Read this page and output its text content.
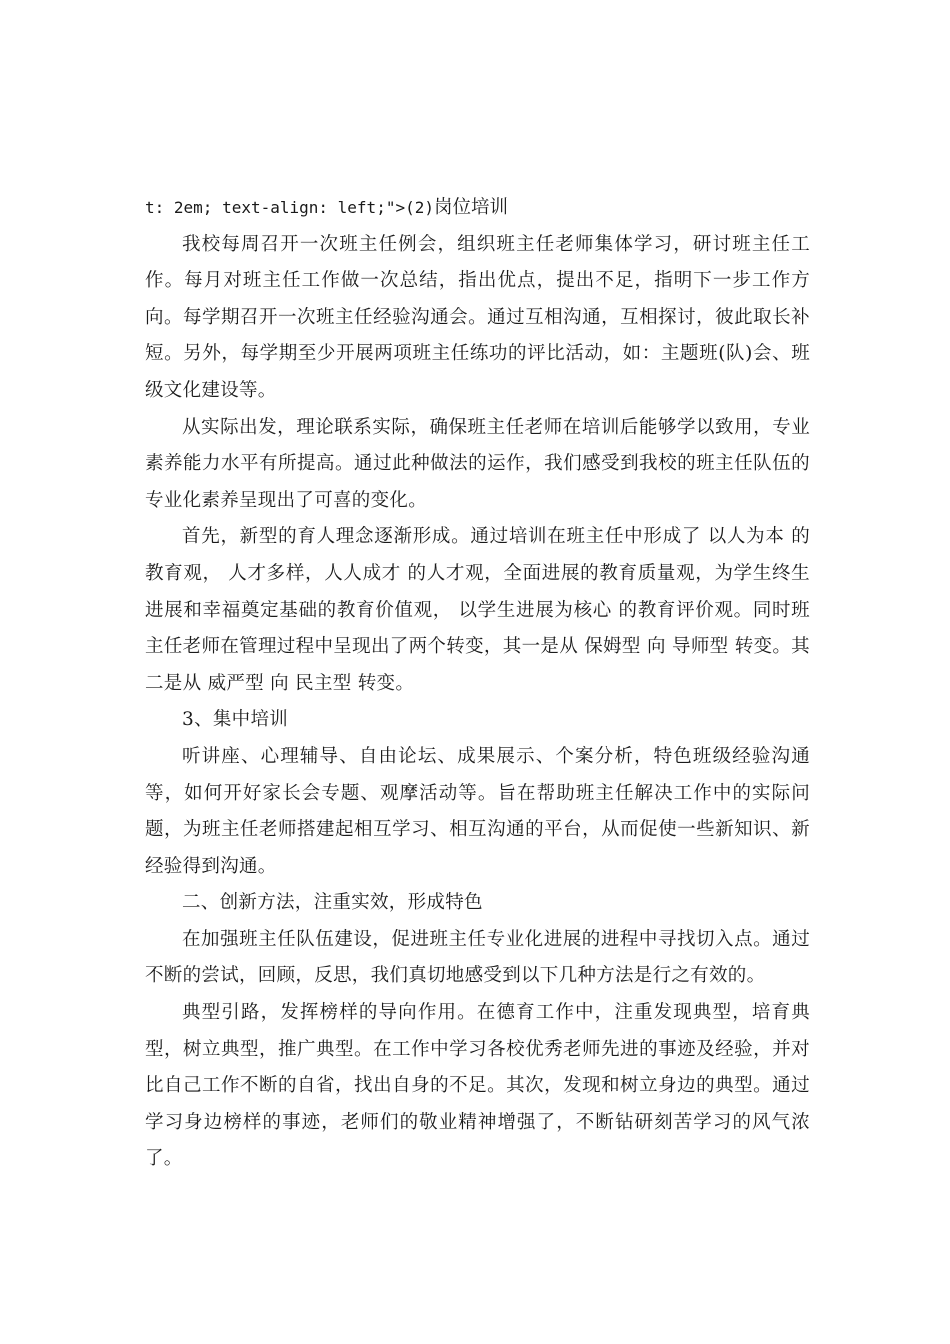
t: 2em; text-align: left;">(2)岗位培训

我校每周召开一次班主任例会，组织班主任老师集体学习，研讨班主任工作。每月对班主任工作做一次总结，指出优点，提出不足，指明下一步工作方向。每学期召开一次班主任经验沟通会。通过互相沟通，互相探讨，彼此取长补短。另外，每学期至少开展两项班主任练功的评比活动，如：主题班(队)会、班级文化建设等。

从实际出发，理论联系实际，确保班主任老师在培训后能够学以致用，专业素养能力水平有所提高。通过此种做法的运作，我们感受到我校的班主任队伍的专业化素养呈现出了可喜的变化。

首先，新型的育人理念逐渐形成。通过培训在班主任中形成了 以人为本 的教育观， 人才多样，人人成才 的人才观，全面进展的教育质量观，为学生终生进展和幸福奠定基础的教育价值观， 以学生进展为核心 的教育评价观。同时班主任老师在管理过程中呈现出了两个转变，其一是从 保姆型 向 导师型 转变。其二是从 威严型 向 民主型 转变。

3、集中培训

听讲座、心理辅导、自由论坛、成果展示、个案分析，特色班级经验沟通等，如何开好家长会专题、观摩活动等。旨在帮助班主任解决工作中的实际问题，为班主任老师搭建起相互学习、相互沟通的平台，从而促使一些新知识、新经验得到沟通。

二、创新方法，注重实效，形成特色

在加强班主任队伍建设，促进班主任专业化进展的进程中寻找切入点。通过不断的尝试，回顾，反思，我们真切地感受到以下几种方法是行之有效的。

典型引路，发挥榜样的导向作用。在德育工作中，注重发现典型，培育典型，树立典型，推广典型。在工作中学习各校优秀老师先进的事迹及经验，并对比自己工作不断的自省，找出自身的不足。其次，发现和树立身边的典型。通过学习身边榜样的事迹，老师们的敬业精神增强了，不断钻研刻苦学习的风气浓了。
